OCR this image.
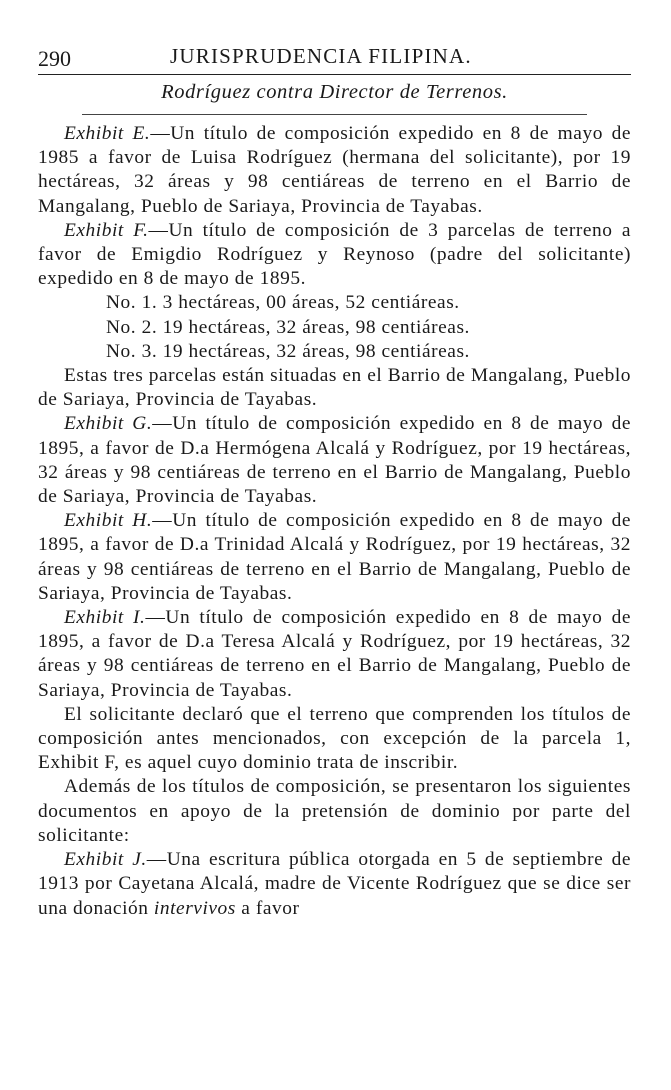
290	JURISPRUDENCIA FILIPINA.
Rodríguez contra Director de Terrenos.

Exhibit E.—Un título de composición expedido en 8 de mayo de 1985 a favor de Luisa Rodríguez (hermana del solicitante), por 19 hectáreas, 32 áreas y 98 centiáreas de terreno en el Barrio de Mangalang, Pueblo de Sariaya, Provincia de Tayabas.

Exhibit F.—Un título de composición de 3 parcelas de terreno a favor de Emigdio Rodríguez y Reynoso (padre del solicitante) expedido en 8 de mayo de 1895.

No. 1. 3 hectáreas, 00 áreas, 52 centiáreas.

No. 2. 19 hectáreas, 32 áreas, 98 centiáreas.

No. 3. 19 hectáreas, 32 áreas, 98 centiáreas.

Estas tres parcelas están situadas en el Barrio de Mangalang, Pueblo de Sariaya, Provincia de Tayabas.

Exhibit G.—Un título de composición expedido en 8 de mayo de 1895, a favor de D.a Hermógena Alcalá y Rodríguez, por 19 hectáreas, 32 áreas y 98 centiáreas de terreno en el Barrio de Mangalang, Pueblo de Sariaya, Provincia de Tayabas.

Exhibit H.—Un título de composición expedido en 8 de mayo de 1895, a favor de D.a Trinidad Alcalá y Rodríguez, por 19 hectáreas, 32 áreas y 98 centiáreas de terreno en el Barrio de Mangalang, Pueblo de Sariaya, Provincia de Tayabas.

Exhibit I.—Un título de composición expedido en 8 de mayo de 1895, a favor de D.a Teresa Alcalá y Rodríguez, por 19 hectáreas, 32 áreas y 98 centiáreas de terreno en el Barrio de Mangalang, Pueblo de Sariaya, Provincia de Tayabas.

El solicitante declaró que el terreno que comprenden los títulos de composición antes mencionados, con excepción de la parcela 1, Exhibit F, es aquel cuyo dominio trata de inscribir.

Además de los títulos de composición, se presentaron los siguientes documentos en apoyo de la pretensión de dominio por parte del solicitante:

Exhibit J.—Una escritura pública otorgada en 5 de septiembre de 1913 por Cayetana Alcalá, madre de Vicente Rodríguez que se dice ser una donación intervivos a favor
